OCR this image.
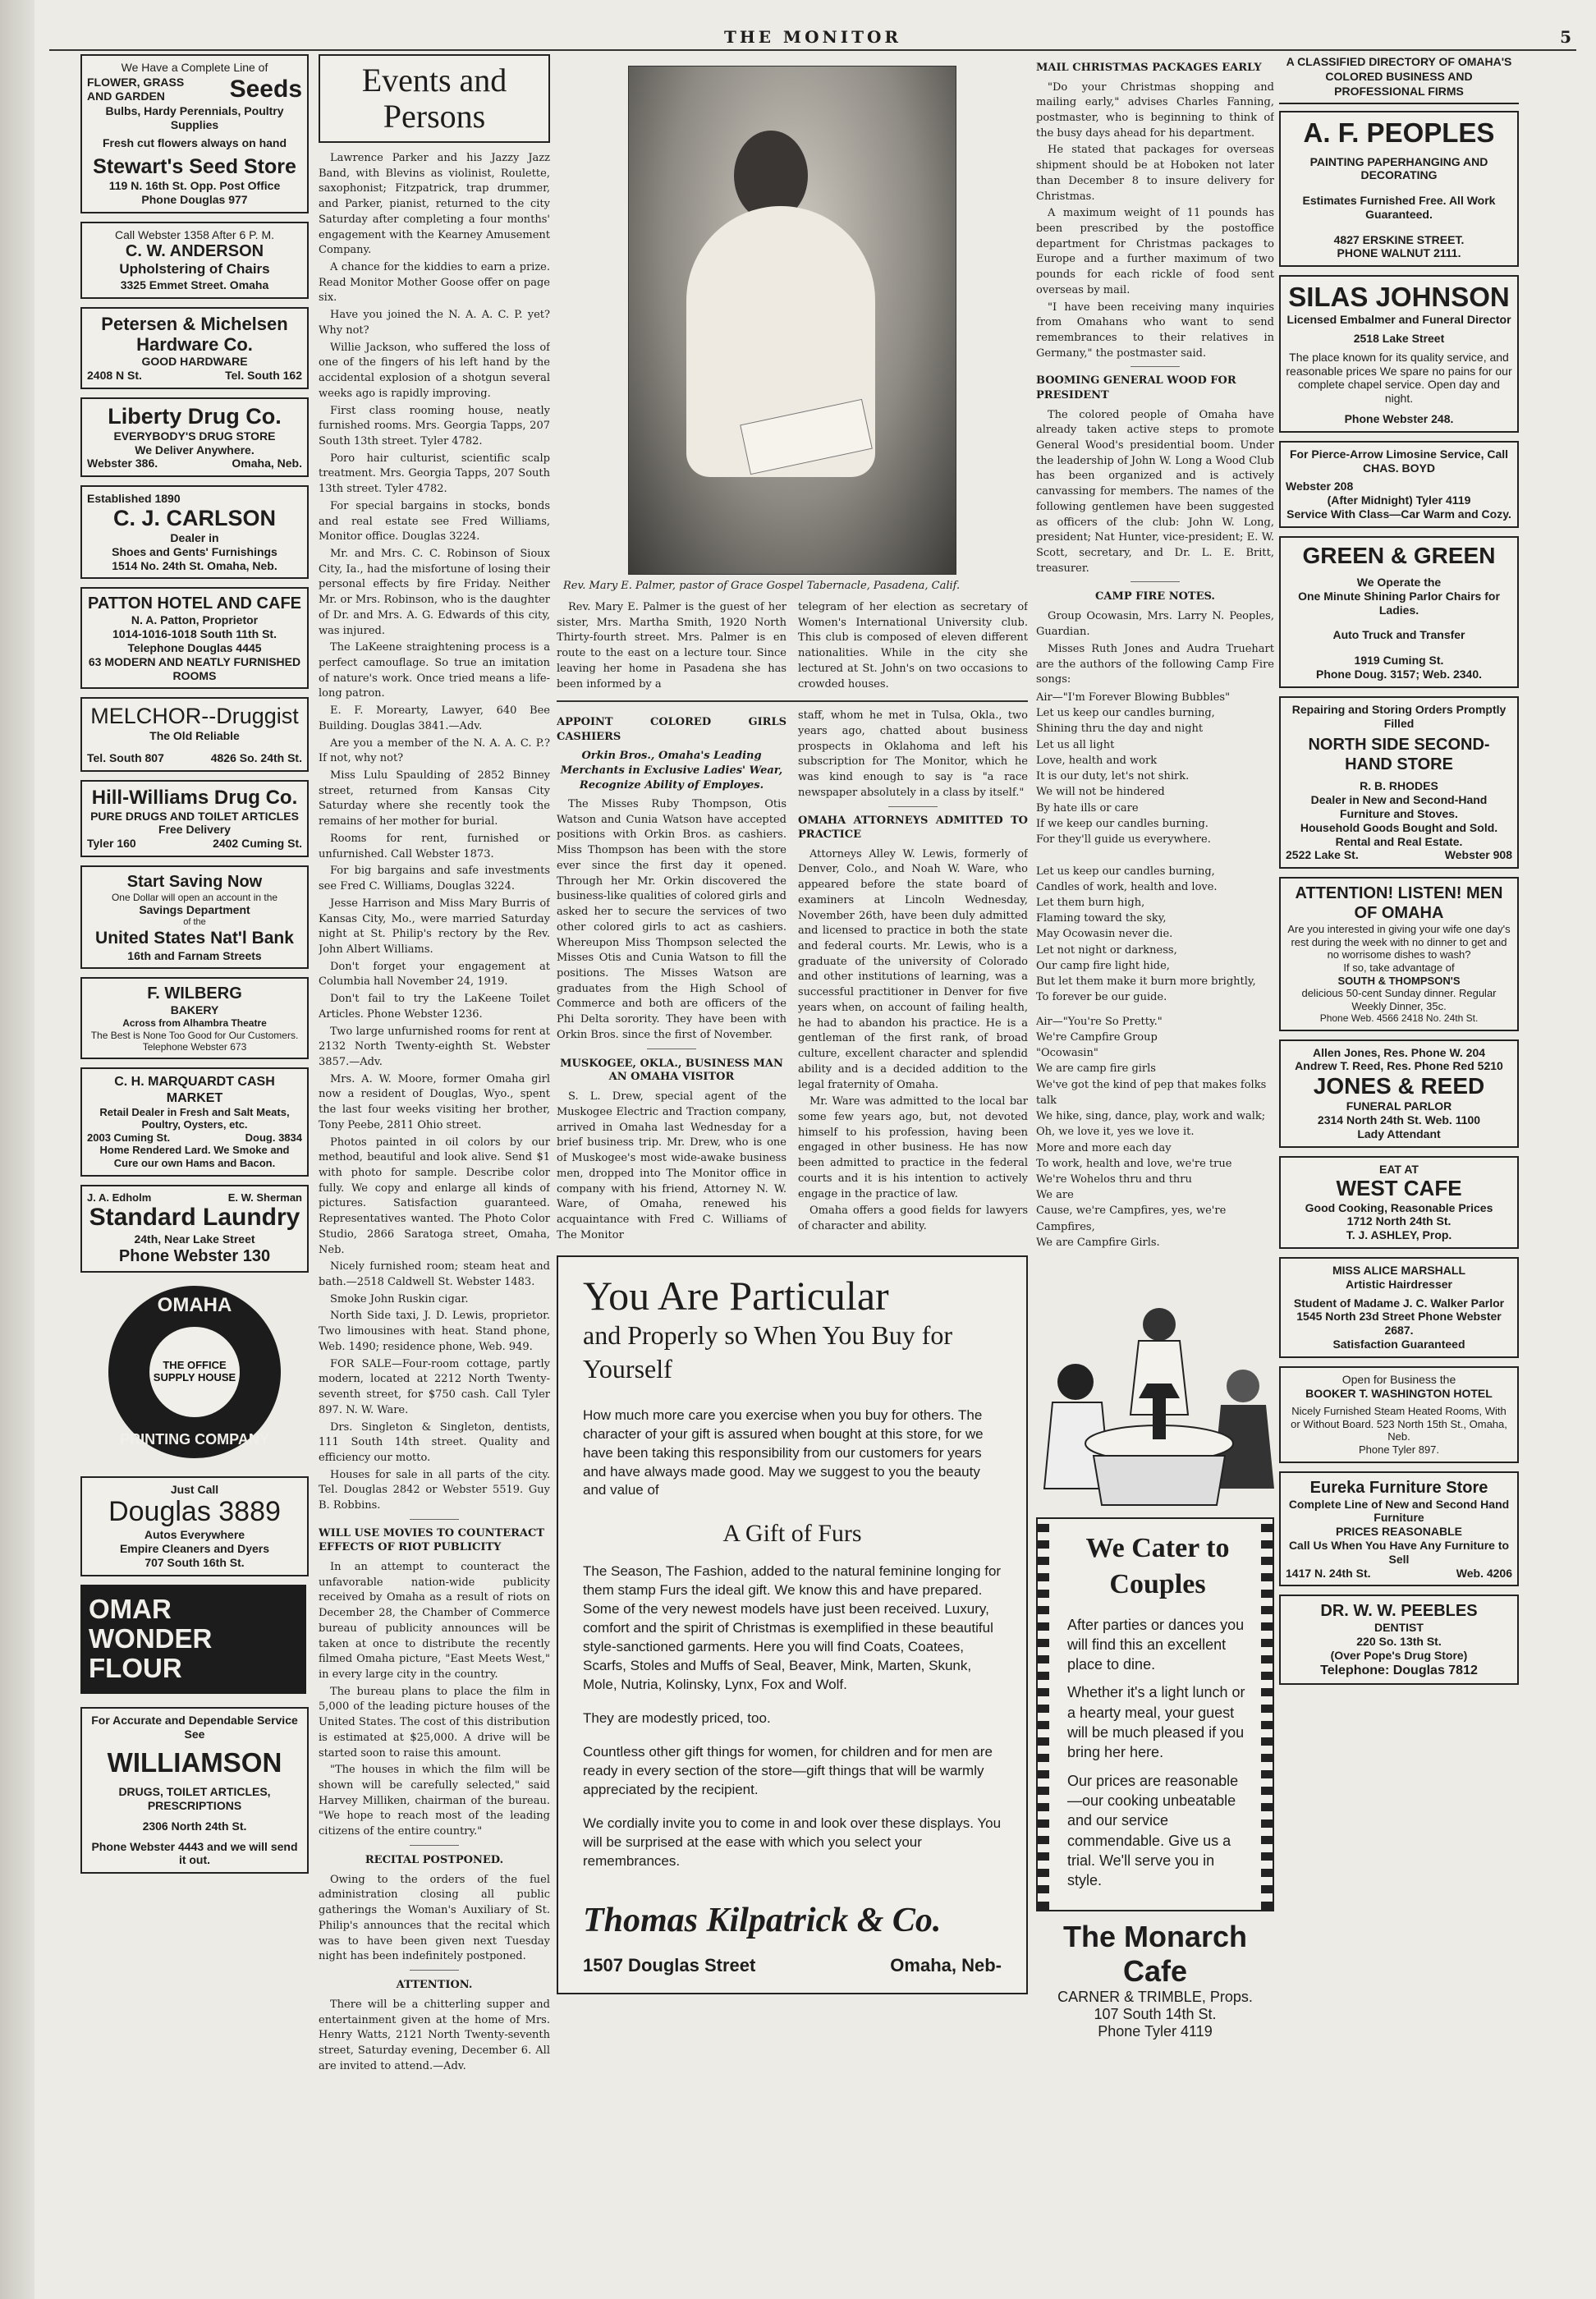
THE MONITOR	5
We Have a Complete Line of
FLOWER, GRASS AND GARDEN	Seeds
Bulbs, Hardy Perennials, Poultry Supplies
Fresh cut flowers always on hand
Stewart's Seed Store
119 N. 16th St. Opp. Post Office
Phone Douglas 977
Call Webster 1358 After 6 P. M.
C. W. ANDERSON
Upholstering of Chairs
3325 Emmet Street. Omaha
Petersen & Michelsen Hardware Co.
GOOD HARDWARE
2408 N St.	Tel. South 162
Liberty Drug Co.
EVERYBODY'S DRUG STORE
We Deliver Anywhere.
Webster 386.	Omaha, Neb.
Established 1890
C. J. CARLSON
Dealer in
Shoes and Gents' Furnishings
1514 No. 24th St. Omaha, Neb.
PATTON HOTEL AND CAFE
N. A. Patton, Proprietor
1014-1016-1018 South 11th St.
Telephone Douglas 4445
63 MODERN AND NEATLY FURNISHED ROOMS
MELCHOR--Druggist
The Old Reliable
Tel. South 807	4826 So. 24th St.
Hill-Williams Drug Co.
PURE DRUGS AND TOILET ARTICLES
Free Delivery
Tyler 160	2402 Cuming St.
Start Saving Now
One Dollar will open an account in the
Savings Department
of the
United States Nat'l Bank
16th and Farnam Streets
F. WILBERG
BAKERY
Across from Alhambra Theatre
The Best is None Too Good for Our Customers.
Telephone Webster 673
C. H. MARQUARDT CASH MARKET
Retail Dealer in Fresh and Salt Meats, Poultry, Oysters, etc.
2003 Cuming St.	Doug. 3834
Home Rendered Lard. We Smoke and Cure our own Hams and Bacon.
J. A. Edholm	E. W. Sherman
Standard Laundry
24th, Near Lake Street
Phone Webster 130
OMAHA
THE OFFICE SUPPLY HOUSE
PRINTING COMPANY
Just Call
Douglas 3889
Autos Everywhere
Empire Cleaners and Dyers
707 South 16th St.
OMAR
WONDER
FLOUR
For Accurate and Dependable Service See
WILLIAMSON
DRUGS, TOILET ARTICLES, PRESCRIPTIONS
2306 North 24th St.
Phone Webster 4443 and we will send it out.
Events and Persons

Lawrence Parker and his Jazzy Jazz Band, with Blevins as violinist, Roulette, saxophonist; Fitzpatrick, trap drummer, and Parker, pianist, returned to the city Saturday after completing a four months' engagement with the Kearney Amusement Company.

A chance for the kiddies to earn a prize. Read Monitor Mother Goose offer on page six.

Have you joined the N. A. A. C. P. yet? Why not?

Willie Jackson, who suffered the loss of one of the fingers of his left hand by the accidental explosion of a shotgun several weeks ago is rapidly improving.

First class rooming house, neatly furnished rooms. Mrs. Georgia Tapps, 207 South 13th street. Tyler 4782.

Poro hair culturist, scientific scalp treatment. Mrs. Georgia Tapps, 207 South 13th street. Tyler 4782.

For special bargains in stocks, bonds and real estate see Fred Williams, Monitor office. Douglas 3224.

Mr. and Mrs. C. C. Robinson of Sioux City, Ia., had the misfortune of losing their personal effects by fire Friday. Neither Mr. or Mrs. Robinson, who is the daughter of Dr. and Mrs. A. G. Edwards of this city, was injured.

The LaKeene straightening process is a perfect camouflage. So true an imitation of nature's work. Once tried means a life-long patron.

E. F. Morearty, Lawyer, 640 Bee Building. Douglas 3841.—Adv.

Are you a member of the N. A. A. C. P.? If not, why not?

Miss Lulu Spaulding of 2852 Binney street, returned from Kansas City Saturday where she recently took the remains of her mother for burial.

Rooms for rent, furnished or unfurnished. Call Webster 1873.

For big bargains and safe investments see Fred C. Williams, Douglas 3224.

Jesse Harrison and Miss Mary Burris of Kansas City, Mo., were married Saturday night at St. Philip's rectory by the Rev. John Albert Williams.

Don't forget your engagement at Columbia hall November 24, 1919.

Don't fail to try the LaKeene Toilet Articles. Phone Webster 1236.

Two large unfurnished rooms for rent at 2132 North Twenty-eighth St. Webster 3857.—Adv.

Mrs. A. W. Moore, former Omaha girl now a resident of Douglas, Wyo., spent the last four weeks visiting her brother, Tony Peebe, 2811 Ohio street.

Photos painted in oil colors by our method, beautiful and look alive. Send $1 with photo for sample. Describe color fully. We copy and enlarge all kinds of pictures. Satisfaction guaranteed. Representatives wanted. The Photo Color Studio, 2866 Saratoga street, Omaha, Neb.

Nicely furnished room; steam heat and bath.—2518 Caldwell St. Webster 1483.

Smoke John Ruskin cigar.

North Side taxi, J. D. Lewis, proprietor. Two limousines with heat. Stand phone, Web. 1490; residence phone, Web. 949.

FOR SALE—Four-room cottage, partly modern, located at 2212 North Twenty-seventh street, for $750 cash. Call Tyler 897. N. W. Ware.

Drs. Singleton & Singleton, dentists, 111 South 14th street. Quality and efficiency our motto.

Houses for sale in all parts of the city. Tel. Douglas 2842 or Webster 5519. Guy B. Robbins.

WILL USE MOVIES TO COUNTERACT EFFECTS OF RIOT PUBLICITY

In an attempt to counteract the unfavorable nation-wide publicity received by Omaha as a result of riots on December 28, the Chamber of Commerce bureau of publicity announces will be taken at once to distribute the recently filmed Omaha picture, "East Meets West," in every large city in the country.

The bureau plans to place the film in 5,000 of the leading picture houses of the United States. The cost of this distribution is estimated at $25,000. A drive will be started soon to raise this amount.

"The houses in which the film will be shown will be carefully selected," said Harvey Milliken, chairman of the bureau. "We hope to reach most of the leading citizens of the entire country."

RECITAL POSTPONED.

Owing to the orders of the fuel administration closing all public gatherings the Woman's Auxiliary of St. Philip's announces that the recital which was to have been given next Tuesday night has been indefinitely postponed.

ATTENTION.

There will be a chitterling supper and entertainment given at the home of Mrs. Henry Watts, 2121 North Twenty-seventh street, Saturday evening, December 6. All are invited to attend.—Adv.

Rev. Mary E. Palmer, pastor of Grace Gospel Tabernacle, Pasadena, Calif.

Rev. Mary E. Palmer is the guest of her sister, Mrs. Martha Smith, 1920 North Thirty-fourth street. Mrs. Palmer is en route to the east on a lecture tour. Since leaving her home in Pasadena she has been informed by a

telegram of her election as secretary of Women's International University club. This club is composed of eleven different nationalities. While in the city she lectured at St. John's on two occasions to crowded houses.

APPOINT COLORED GIRLS CASHIERS
Orkin Bros., Omaha's Leading Merchants in Exclusive Ladies' Wear, Recognize Ability of Employes.

The Misses Ruby Thompson, Otis Watson and Cunia Watson have accepted positions with Orkin Bros. as cashiers. Miss Thompson has been with the store ever since the first day it opened. Through her Mr. Orkin discovered the business-like qualities of colored girls and asked her to secure the services of two other colored girls to act as cashiers. Whereupon Miss Thompson selected the Misses Otis and Cunia Watson to fill the positions. The Misses Watson are graduates from the High School of Commerce and both are officers of the Phi Delta sorority. They have been with Orkin Bros. since the first of November.

MUSKOGEE, OKLA., BUSINESS MAN AN OMAHA VISITOR

S. L. Drew, special agent of the Muskogee Electric and Traction company, arrived in Omaha last Wednesday for a brief business trip. Mr. Drew, who is one of Muskogee's most wide-awake business men, dropped into The Monitor office in company with his friend, Attorney N. W. Ware, of Omaha, renewed his acquaintance with Fred C. Williams of The Monitor

staff, whom he met in Tulsa, Okla., two years ago, chatted about business prospects in Oklahoma and left his subscription for The Monitor, which he was kind enough to say is "a race newspaper absolutely in a class by itself."

OMAHA ATTORNEYS ADMITTED TO PRACTICE

Attorneys Alley W. Lewis, formerly of Denver, Colo., and Noah W. Ware, who appeared before the state board of examiners at Lincoln Wednesday, November 26th, have been duly admitted and licensed to practice in both the state and federal courts. Mr. Lewis, who is a graduate of the university of Colorado and other institutions of learning, was a successful practitioner in Denver for five years when, on account of failing health, he had to abandon his practice. He is a gentleman of the first rank, of broad culture, excellent character and splendid ability and is a decided addition to the legal fraternity of Omaha.

Mr. Ware was admitted to the local bar some few years ago, but, not devoted himself to his profession, having been engaged in other business. He has now been admitted to practice in the federal courts and it is his intention to actively engage in the practice of law.

Omaha offers a good fields for lawyers of character and ability.

You Are Particular
and Properly so When You Buy for Yourself

How much more care you exercise when you buy for others. The character of your gift is assured when bought at this store, for we have been taking this responsibility from our customers for years and have always made good. May we suggest to you the beauty and value of

A Gift of Furs

The Season, The Fashion, added to the natural feminine longing for them stamp Furs the ideal gift. We know this and have prepared. Some of the very newest models have just been received. Luxury, comfort and the spirit of Christmas is exemplified in these beautiful style-sanctioned garments. Here you will find Coats, Coatees, Scarfs, Stoles and Muffs of Seal, Beaver, Mink, Marten, Skunk, Mole, Nutria, Kolinsky, Lynx, Fox and Wolf.

They are modestly priced, too.

Countless other gift things for women, for children and for men are ready in every section of the store—gift things that will be warmly appreciated by the recipient.

We cordially invite you to come in and look over these displays. You will be surprised at the ease with which you select your remembrances.

Thomas Kilpatrick & Co.
1507 Douglas Street	Omaha, Neb-
MAIL CHRISTMAS PACKAGES EARLY

"Do your Christmas shopping and mailing early," advises Charles Fanning, postmaster, who is beginning to think of the busy days ahead for his department.

He stated that packages for overseas shipment should be at Hoboken not later than December 8 to insure delivery for Christmas.

A maximum weight of 11 pounds has been prescribed by the postoffice department for Christmas packages to Europe and a further maximum of two pounds for each rickle of food sent overseas by mail.

"I have been receiving many inquiries from Omahans who want to send remembrances to their relatives in Germany," the postmaster said.

BOOMING GENERAL WOOD FOR PRESIDENT

The colored people of Omaha have already taken active steps to promote General Wood's presidential boom. Under the leadership of John W. Long a Wood Club has been organized and is actively canvassing for members. The names of the following gentlemen have been suggested as officers of the club: John W. Long, president; Nat Hunter, vice-president; E. W. Scott, secretary, and Dr. L. E. Britt, treasurer.

CAMP FIRE NOTES.

Group Ocowasin, Mrs. Larry N. Peoples, Guardian.

Misses Ruth Jones and Audra Truehart are the authors of the following Camp Fire songs:

Air—"I'm Forever Blowing Bubbles"
Let us keep our candles burning,
Shining thru the day and night
Let us all light
Love, health and work
It is our duty, let's not shirk.
We will not be hindered
By hate ills or care
If we keep our candles burning.
For they'll guide us everywhere.

Let us keep our candles burning,
Candles of work, health and love.
Let them burn high,
Flaming toward the sky,
May Ocowasin never die.
Let not night or darkness,
Our camp fire light hide,
But let them make it burn more brightly,
To forever be our guide.
Air—"You're So Pretty."
We're Campfire Group
"Ocowasin"
We are camp fire girls
We've got the kind of pep that makes folks talk
We hike, sing, dance, play, work and walk;
Oh, we love it, yes we love it.
More and more each day
To work, health and love, we're true
We're Wohelos thru and thru
We are
Cause, we're Campfires, yes, we're Campfires,
We are Campfire Girls.
We Cater to Couples

After parties or dances you will find this an excellent place to dine.

Whether it's a light lunch or a hearty meal, your guest will be much pleased if you bring her here.

Our prices are reasonable—our cooking unbeatable and our service commendable. Give us a trial. We'll serve you in style.

The Monarch Cafe
CARNER & TRIMBLE, Props.
107 South 14th St.
Phone Tyler 4119
A CLASSIFIED DIRECTORY OF OMAHA'S COLORED BUSINESS AND PROFESSIONAL FIRMS
A. F. PEOPLES
PAINTING PAPERHANGING AND DECORATING
Estimates Furnished Free. All Work Guaranteed.
4827 ERSKINE STREET.
PHONE WALNUT 2111.
SILAS JOHNSON
Licensed Embalmer and Funeral Director
2518 Lake Street
The place known for its quality service, and reasonable prices We spare no pains for our complete chapel service. Open day and night.
Phone Webster 248.
For Pierce-Arrow Limosine Service, Call
CHAS. BOYD
Webster 208
(After Midnight) Tyler 4119
Service With Class—Car Warm and Cozy.
GREEN & GREEN
We Operate the
One Minute Shining Parlor Chairs for Ladies.
Auto Truck and Transfer
1919 Cuming St.
Phone Doug. 3157; Web. 2340.
Repairing and Storing Orders Promptly Filled
NORTH SIDE SECOND-HAND STORE
R. B. RHODES
Dealer in New and Second-Hand Furniture and Stoves.
Household Goods Bought and Sold. Rental and Real Estate.
2522 Lake St.	Webster 908
ATTENTION! LISTEN! MEN OF OMAHA
Are you interested in giving your wife one day's rest during the week with no dinner to get and no worrisome dishes to wash?
If so, take advantage of
SOUTH & THOMPSON'S
delicious 50-cent Sunday dinner. Regular Weekly Dinner, 35c.
Phone Web. 4566 2418 No. 24th St.
Allen Jones, Res. Phone W. 204
Andrew T. Reed, Res. Phone Red 5210
JONES & REED
FUNERAL PARLOR
2314 North 24th St. Web. 1100
Lady Attendant
EAT AT
WEST CAFE
Good Cooking, Reasonable Prices
1712 North 24th St.
T. J. ASHLEY, Prop.
MISS ALICE MARSHALL
Artistic Hairdresser
Student of Madame J. C. Walker Parlor 1545 North 23d Street Phone Webster 2687.
Satisfaction Guaranteed
Open for Business the
BOOKER T. WASHINGTON HOTEL
Nicely Furnished Steam Heated Rooms, With or Without Board. 523 North 15th St., Omaha, Neb.
Phone Tyler 897.
Eureka Furniture Store
Complete Line of New and Second Hand Furniture
PRICES REASONABLE
Call Us When You Have Any Furniture to Sell
1417 N. 24th St.	Web. 4206
DR. W. W. PEEBLES
DENTIST
220 So. 13th St.
(Over Pope's Drug Store)
Telephone: Douglas 7812
